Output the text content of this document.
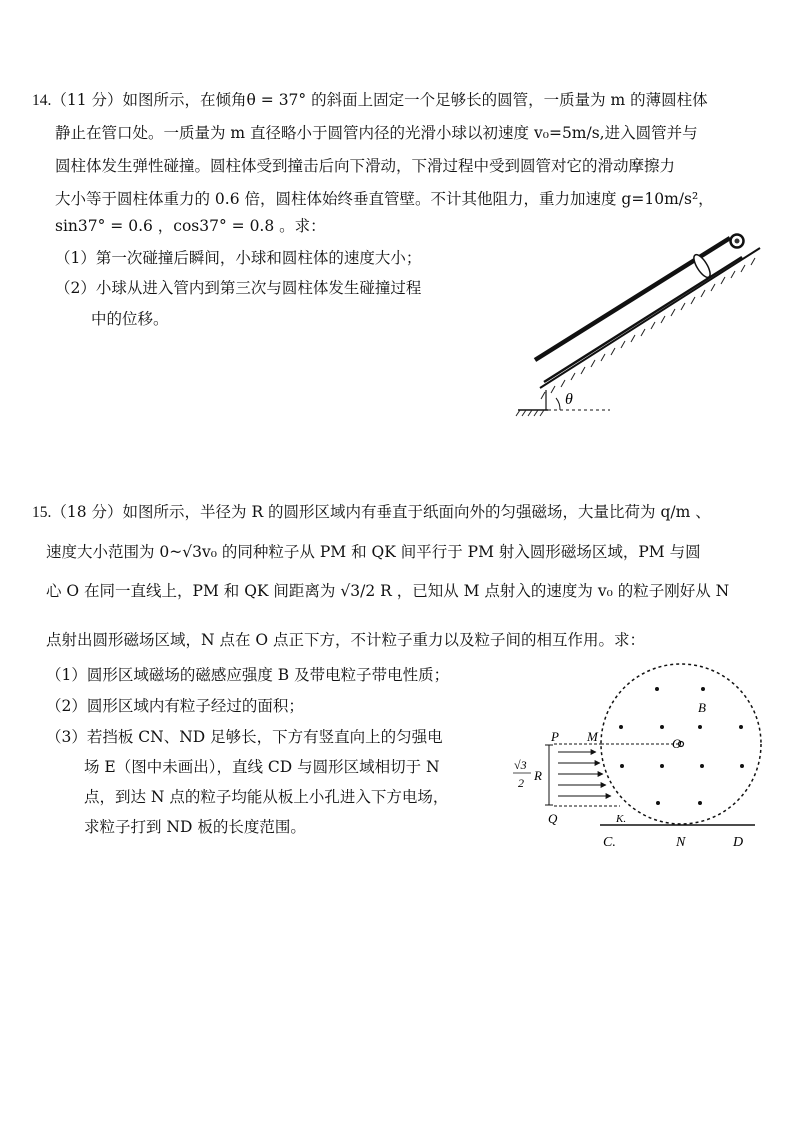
14.（11 分）如图所示，在倾角θ = 37° 的斜面上固定一个足够长的圆管，一质量为 m 的薄圆柱体
静止在管口处。一质量为 m 直径略小于圆管内径的光滑小球以初速度 v₀=5m/s,进入圆管并与
圆柱体发生弹性碰撞。圆柱体受到撞击后向下滑动，下滑过程中受到圆管对它的滑动摩擦力
大小等于圆柱体重力的 0.6 倍，圆柱体始终垂直管壁。不计其他阻力，重力加速度 g=10m/s²，
sin37° = 0.6 ，cos37° = 0.8 。求：
（1）第一次碰撞后瞬间，小球和圆柱体的速度大小；
（2）小球从进入管内到第三次与圆柱体发生碰撞过程
中的位移。
θ
15.（18 分）如图所示，半径为 R 的圆形区域内有垂直于纸面向外的匀强磁场，大量比荷为 q/m 、
速度大小范围为 0~√3v₀ 的同种粒子从 PM 和 QK 间平行于 PM 射入圆形磁场区域，PM 与圆
心 O 在同一直线上，PM 和 QK 间距离为 √3/2 R ，已知从 M 点射入的速度为 v₀ 的粒子刚好从 N
点射出圆形磁场区域，N 点在 O 点正下方，不计粒子重力以及粒子间的相互作用。求：
（1）圆形区域磁场的磁感应强度 B 及带电粒子带电性质；
（2）圆形区域内有粒子经过的面积；
（3）若挡板 CN、ND 足够长，下方有竖直向上的匀强电
场 E（图中未画出），直线 CD 与圆形区域相切于 N
点，到达 N 点的粒子均能从板上小孔进入下方电场，
求粒子打到 ND 板的长度范围。
√3
2 R
P M	O
B
Q	K.
C.	N	D
